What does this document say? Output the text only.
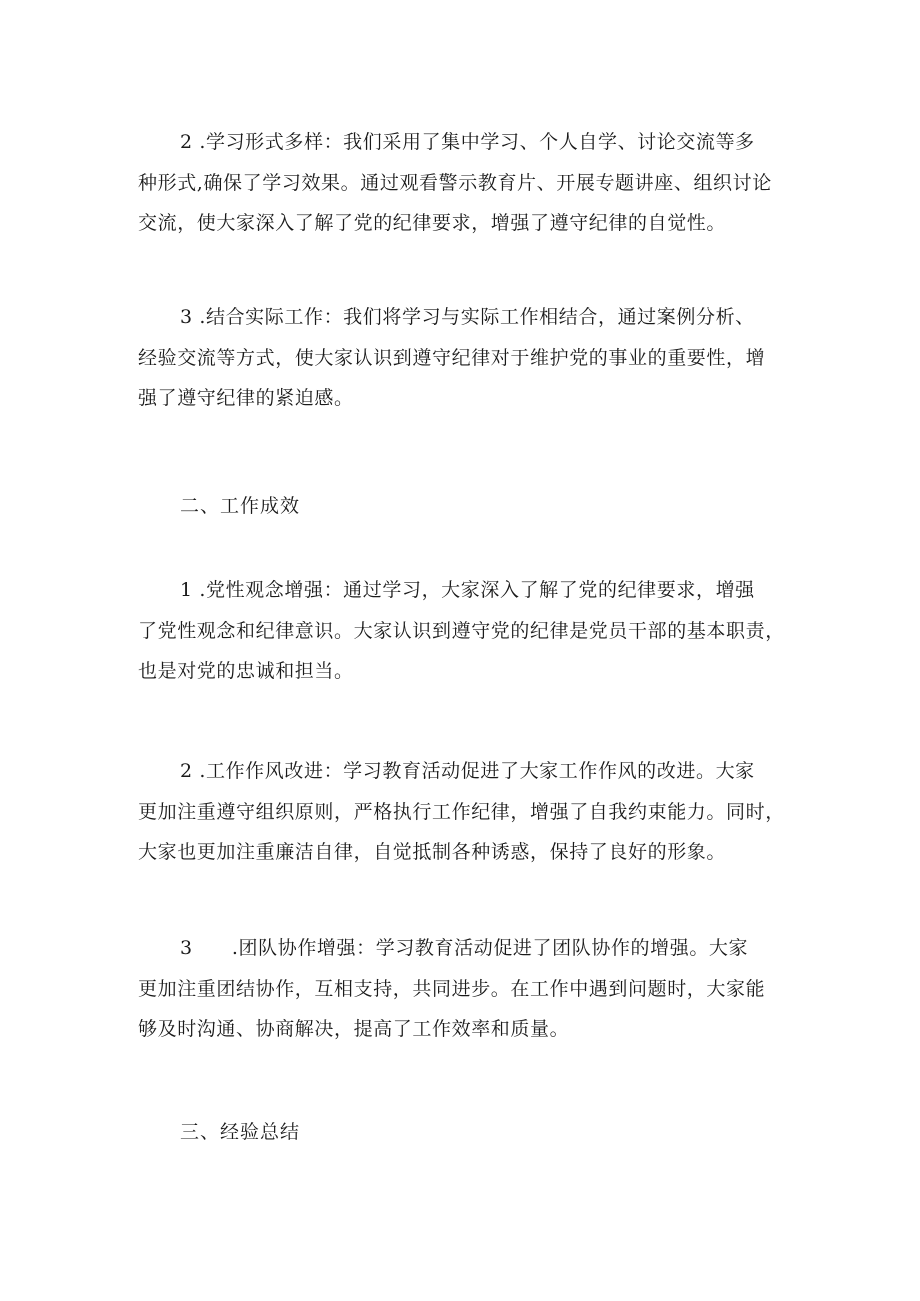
2 .学习形式多样：我们采用了集中学习、个人自学、讨论交流等多
种形式,确保了学习效果。通过观看警示教育片、开展专题讲座、组织讨论
交流，使大家深入了解了党的纪律要求，增强了遵守纪律的自觉性。
3 .结合实际工作：我们将学习与实际工作相结合，通过案例分析、
经验交流等方式，使大家认识到遵守纪律对于维护党的事业的重要性，增
强了遵守纪律的紧迫感。
二、工作成效
1 .党性观念增强：通过学习，大家深入了解了党的纪律要求，增强
了党性观念和纪律意识。大家认识到遵守党的纪律是党员干部的基本职责，
也是对党的忠诚和担当。
2 .工作作风改进：学习教育活动促进了大家工作作风的改进。大家
更加注重遵守组织原则，严格执行工作纪律，增强了自我约束能力。同时，
大家也更加注重廉洁自律，自觉抵制各种诱惑，保持了良好的形象。
3　　.团队协作增强：学习教育活动促进了团队协作的增强。大家
更加注重团结协作，互相支持，共同进步。在工作中遇到问题时，大家能
够及时沟通、协商解决，提高了工作效率和质量。
三、经验总结
